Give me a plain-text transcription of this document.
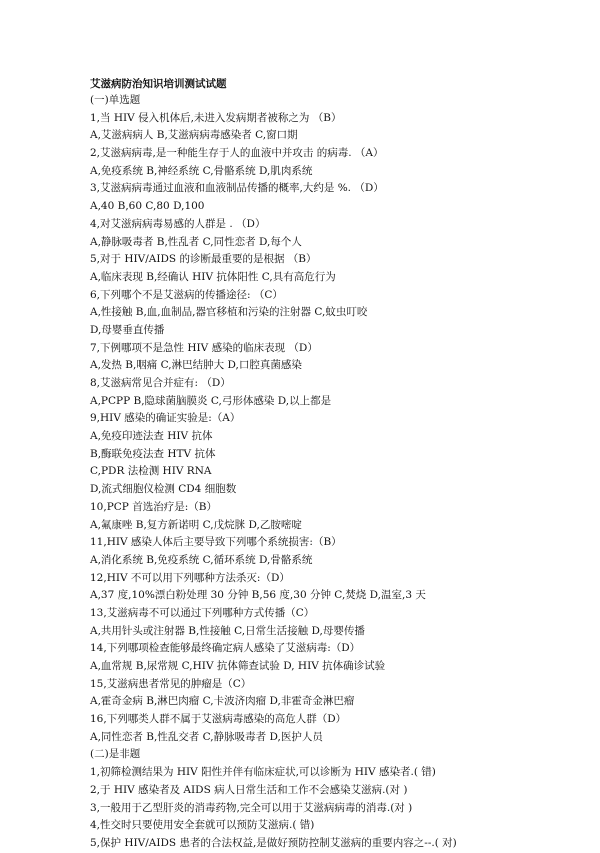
艾滋病防治知识培训测试试题
(一)单选题
1,当 HIV 侵入机体后,未进入发病期者被称之为 （B）
A,艾滋病病人 B,艾滋病病毒感染者 C,窗口期
2,艾滋病病毒,是一种能生存于人的血液中并攻击 的病毒. （A）
A,免疫系统 B,神经系统 C,骨骼系统 D,肌肉系统
3,艾滋病病毒通过血液和血液制品传播的概率,大约是 %. （D）
A,40 B,60 C,80 D,100
4,对艾滋病病毒易感的人群是 . （D）
A,静脉吸毒者 B,性乱者 C,同性恋者 D,每个人
5,对于 HIV/AIDS 的诊断最重要的是根据 （B）
A,临床表现 B,经确认 HIV 抗体阳性 C,具有高危行为
6,下列哪个不是艾滋病的传播途径: （C）
A,性接触 B,血,血制品,器官移植和污染的注射器 C,蚊虫叮咬
D,母婴垂直传播
7,下例哪项不是急性 HIV 感染的临床表现 （D）
A,发热 B,咽痛 C,淋巴结肿大 D,口腔真菌感染
8,艾滋病常见合并症有: （D）
A,PCPP B,隐球菌脑膜炎 C,弓形体感染 D,以上都是
9,HIV 感染的确证实验是:（A）
A,免疫印迹法查 HIV 抗体
B,酶联免疫法查 HTV 抗体
C,PDR 法检测 HIV RNA
D,流式细胞仪检测 CD4 细胞数
10,PCP 首选治疗是:（B）
A,氟康唑 B,复方新诺明 C,戊烷脒 D,乙胺嘧啶
11,HIV 感染人体后主要导致下列哪个系统损害:（B）
A,消化系统 B,免疫系统 C,循环系统 D,骨骼系统
12,HIV 不可以用下列哪种方法杀灭:（D）
A,37 度,10%漂白粉处理 30 分钟 B,56 度,30 分钟 C,焚烧 D,温室,3 天
13,艾滋病毒不可以通过下列哪种方式传播（C）
A,共用针头或注射器 B,性接触 C,日常生活接触 D,母婴传播
14,下列哪项检查能够最终确定病人感染了艾滋病毒:（D）
A,血常规 B,尿常规 C,HIV 抗体筛查试验 D, HIV 抗体确诊试验
15,艾滋病患者常见的肿瘤是（C）
A,霍奇金病 B,淋巴肉瘤 C,卡波济肉瘤 D,非霍奇金淋巴瘤
16,下列哪类人群不属于艾滋病毒感染的高危人群（D）
A,同性恋者 B,性乱交者 C,静脉吸毒者 D,医护人员
(二)是非题
1,初筛检测结果为 HIV 阳性并伴有临床症状,可以诊断为 HIV 感染者.( 错)
2,于 HIV 感染者及 AIDS 病人日常生活和工作不会感染艾滋病.(对 )
3,一般用于乙型肝炎的消毒药物,完全可以用于艾滋病病毒的消毒.(对 )
4,性交时只要使用安全套就可以预防艾滋病.( 错)
5,保护 HIV/AIDS 患者的合法权益,是做好预防控制艾滋病的重要内容之--.( 对)
